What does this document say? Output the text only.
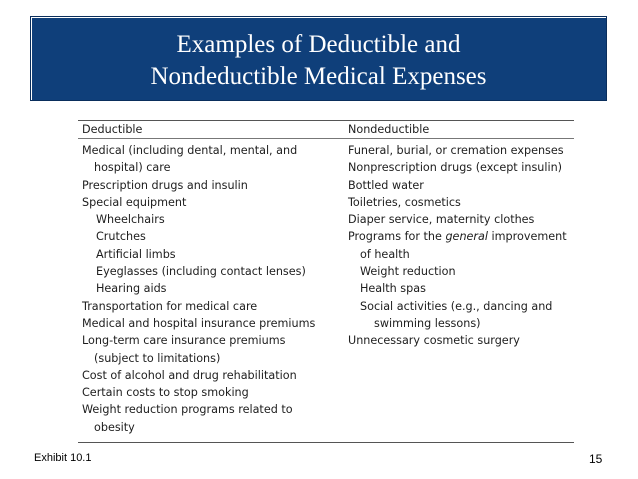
Examples of Deductible and
Nondeductible Medical Expenses
Deductible
Medical (including dental, mental, and
hospital) care
Prescription drugs and insulin
Special equipment
Wheelchairs
Crutches
Artificial limbs
Eyeglasses (including contact lenses)
Hearing aids
Transportation for medical care
Medical and hospital insurance premiums
Long-term care insurance premiums
(subject to limitations)
Cost of alcohol and drug rehabilitation
Certain costs to stop smoking
Weight reduction programs related to
obesity
Nondeductible
Funeral, burial, or cremation expenses
Nonprescription drugs (except insulin)
Bottled water
Toiletries, cosmetics
Diaper service, maternity clothes
Programs for the general improvement
of health
Weight reduction
Health spas
Social activities (e.g., dancing and
swimming lessons)
Unnecessary cosmetic surgery
Exhibit 10.1	15
